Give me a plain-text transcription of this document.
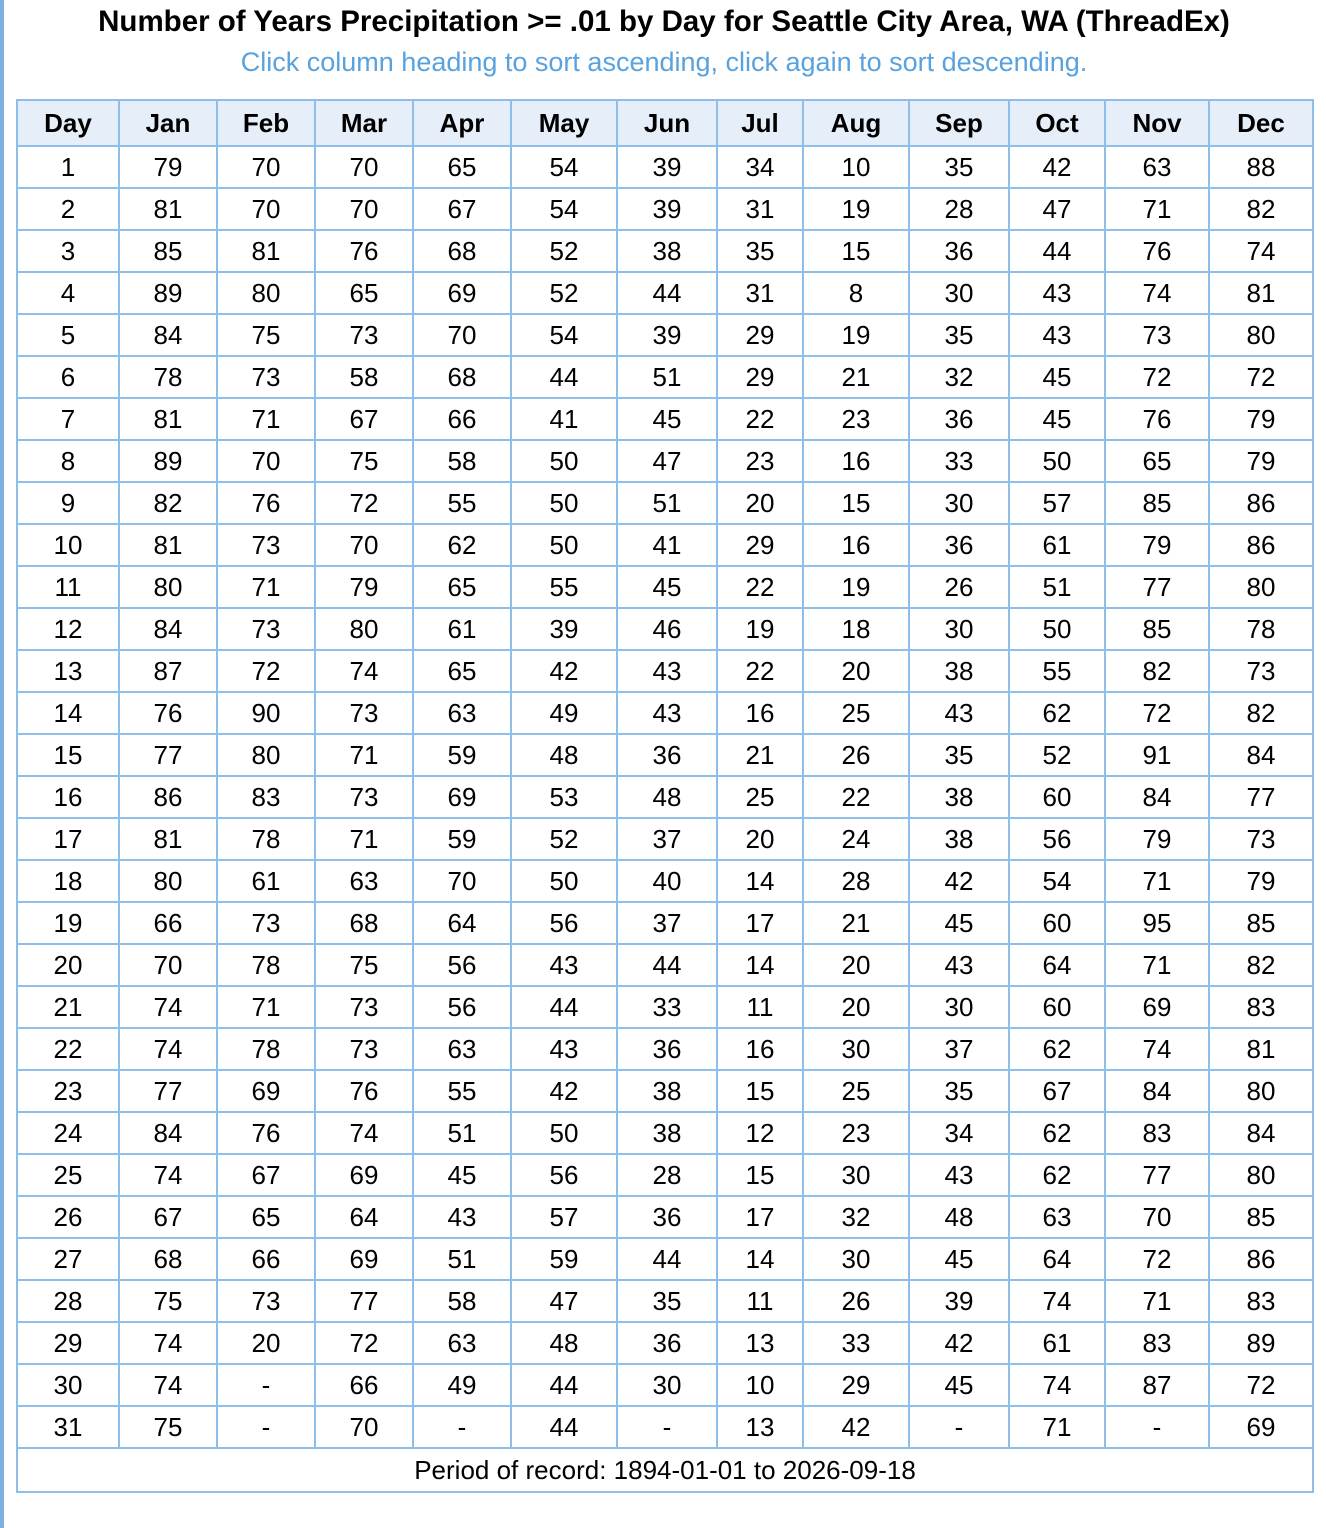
Number of Years Precipitation >= .01 by Day for Seattle City Area, WA (ThreadEx)
Click column heading to sort ascending, click again to sort descending.
Day	Jan	Feb	Mar	Apr	May	Jun	Jul	Aug	Sep	Oct	Nov	Dec
1	79	70	70	65	54	39	34	10	35	42	63	88
2	81	70	70	67	54	39	31	19	28	47	71	82
3	85	81	76	68	52	38	35	15	36	44	76	74
4	89	80	65	69	52	44	31	8	30	43	74	81
5	84	75	73	70	54	39	29	19	35	43	73	80
6	78	73	58	68	44	51	29	21	32	45	72	72
7	81	71	67	66	41	45	22	23	36	45	76	79
8	89	70	75	58	50	47	23	16	33	50	65	79
9	82	76	72	55	50	51	20	15	30	57	85	86
10	81	73	70	62	50	41	29	16	36	61	79	86
11	80	71	79	65	55	45	22	19	26	51	77	80
12	84	73	80	61	39	46	19	18	30	50	85	78
13	87	72	74	65	42	43	22	20	38	55	82	73
14	76	90	73	63	49	43	16	25	43	62	72	82
15	77	80	71	59	48	36	21	26	35	52	91	84
16	86	83	73	69	53	48	25	22	38	60	84	77
17	81	78	71	59	52	37	20	24	38	56	79	73
18	80	61	63	70	50	40	14	28	42	54	71	79
19	66	73	68	64	56	37	17	21	45	60	95	85
20	70	78	75	56	43	44	14	20	43	64	71	82
21	74	71	73	56	44	33	11	20	30	60	69	83
22	74	78	73	63	43	36	16	30	37	62	74	81
23	77	69	76	55	42	38	15	25	35	67	84	80
24	84	76	74	51	50	38	12	23	34	62	83	84
25	74	67	69	45	56	28	15	30	43	62	77	80
26	67	65	64	43	57	36	17	32	48	63	70	85
27	68	66	69	51	59	44	14	30	45	64	72	86
28	75	73	77	58	47	35	11	26	39	74	71	83
29	74	20	72	63	48	36	13	33	42	61	83	89
30	74	-	66	49	44	30	10	29	45	74	87	72
31	75	-	70	-	44	-	13	42	-	71	-	69
Period of record: 1894-01-01 to 2026-09-18												
